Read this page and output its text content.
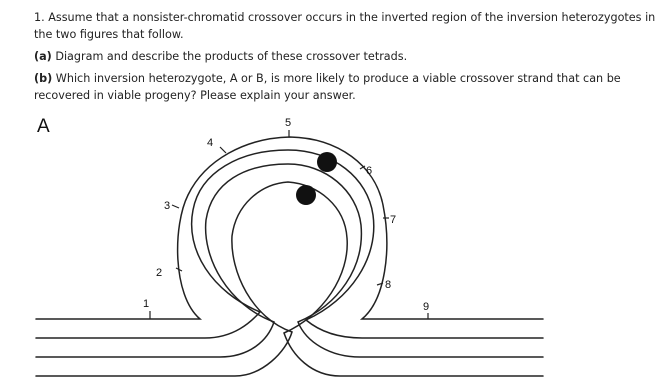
1. Assume that a nonsister-chromatid crossover occurs in the inverted region of the inversion heterozygotes in the two figures that follow.

(a) Diagram and describe the products of these crossover tetrads.

(b) Which inversion heterozygote, A or B, is more likely to produce a viable crossover strand that can be recovered in viable progeny? Please explain your answer.

A
1
2
3
4
5
6
7
8
9
